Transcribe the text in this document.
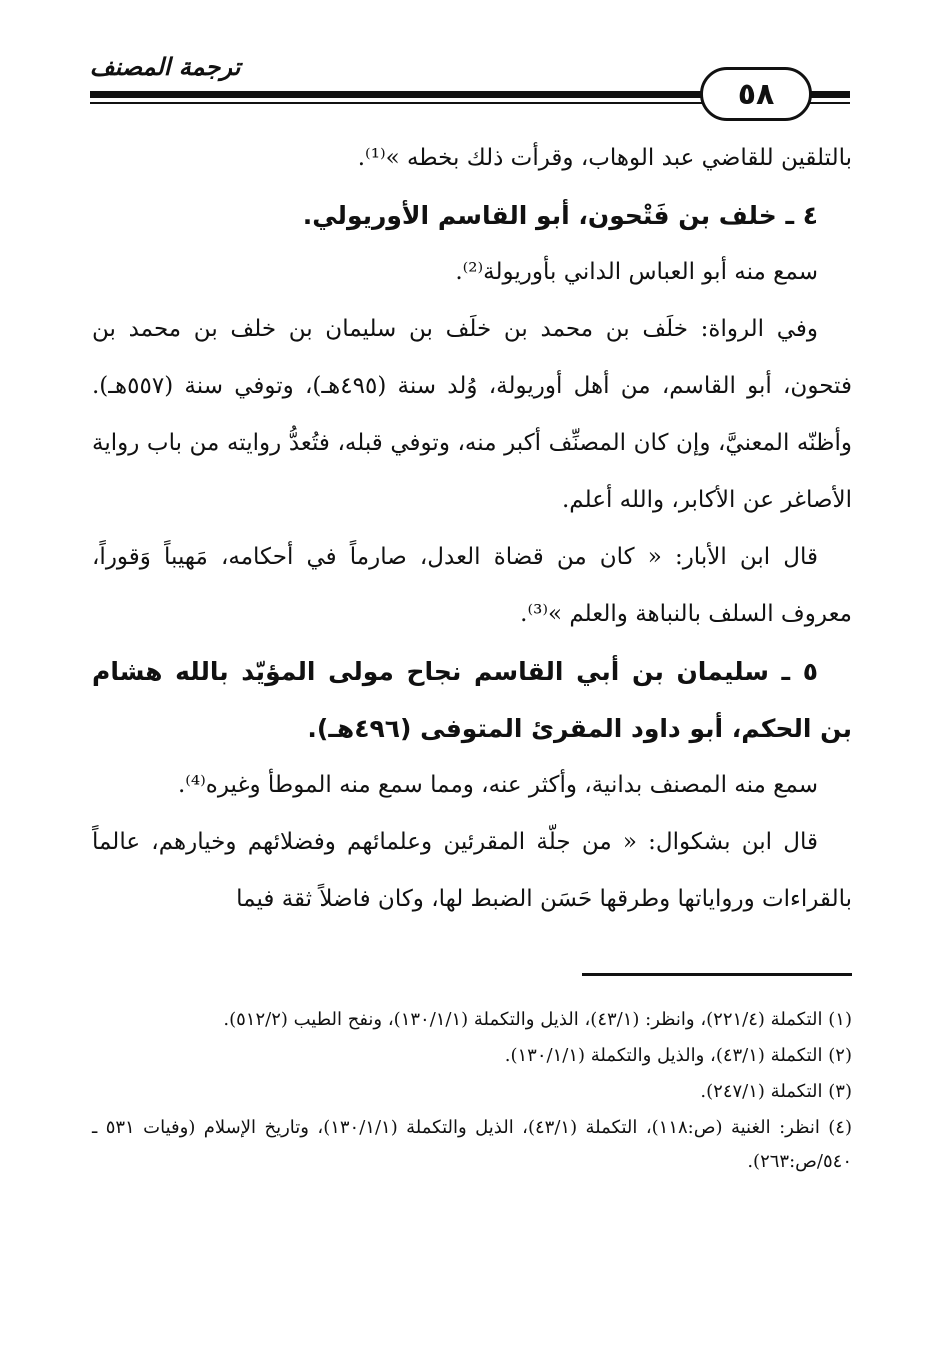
ترجمة المصنف
٥٨

بالتلقين للقاضي عبد الوهاب، وقرأت ذلك بخطه »⁽¹⁾.

٤ ـ خلف بن فَتْحون، أبو القاسم الأوريولي.

سمع منه أبو العباس الداني بأوريولة⁽²⁾.

وفي الرواة: خلَف بن محمد بن خلَف بن سليمان بن خلف بن محمد بن فتحون، أبو القاسم، من أهل أوريولة، وُلد سنة (٤٩٥هـ)، وتوفي سنة (٥٥٧هـ). وأظنّه المعنيَّ، وإن كان المصنِّف أكبر منه، وتوفي قبله، فتُعدُّ روايته من باب رواية الأصاغر عن الأكابر، والله أعلم.

قال ابن الأبار: « كان من قضاة العدل، صارماً في أحكامه، مَهيباً وَقوراً، معروف السلف بالنباهة والعلم »⁽³⁾.

٥ ـ سليمان بن أبي القاسم نجاح مولى المؤيّد بالله هشام بن الحكم، أبو داود المقرئ المتوفى (٤٩٦هـ).

سمع منه المصنف بدانية، وأكثر عنه، ومما سمع منه الموطأ وغيره⁽⁴⁾.

قال ابن بشكوال: « من جلّة المقرئين وعلمائهم وفضلائهم وخيارهم، عالماً بالقراءات ورواياتها وطرقها حَسَن الضبط لها، وكان فاضلاً ثقة فيما

(١) التكملة (٢٢١/٤)، وانظر: (٤٣/١)، الذيل والتكملة (١٣٠/١/١)، ونفح الطيب (٥١٢/٢).

(٢) التكملة (٤٣/١)، والذيل والتكملة (١٣٠/١/١).

(٣) التكملة (٢٤٧/١).

(٤) انظر: الغنية (ص:١١٨)، التكملة (٤٣/١)، الذيل والتكملة (١٣٠/١/١)، وتاريخ الإسلام (وفيات ٥٣١ ـ ٥٤٠/ص:٢٦٣).
